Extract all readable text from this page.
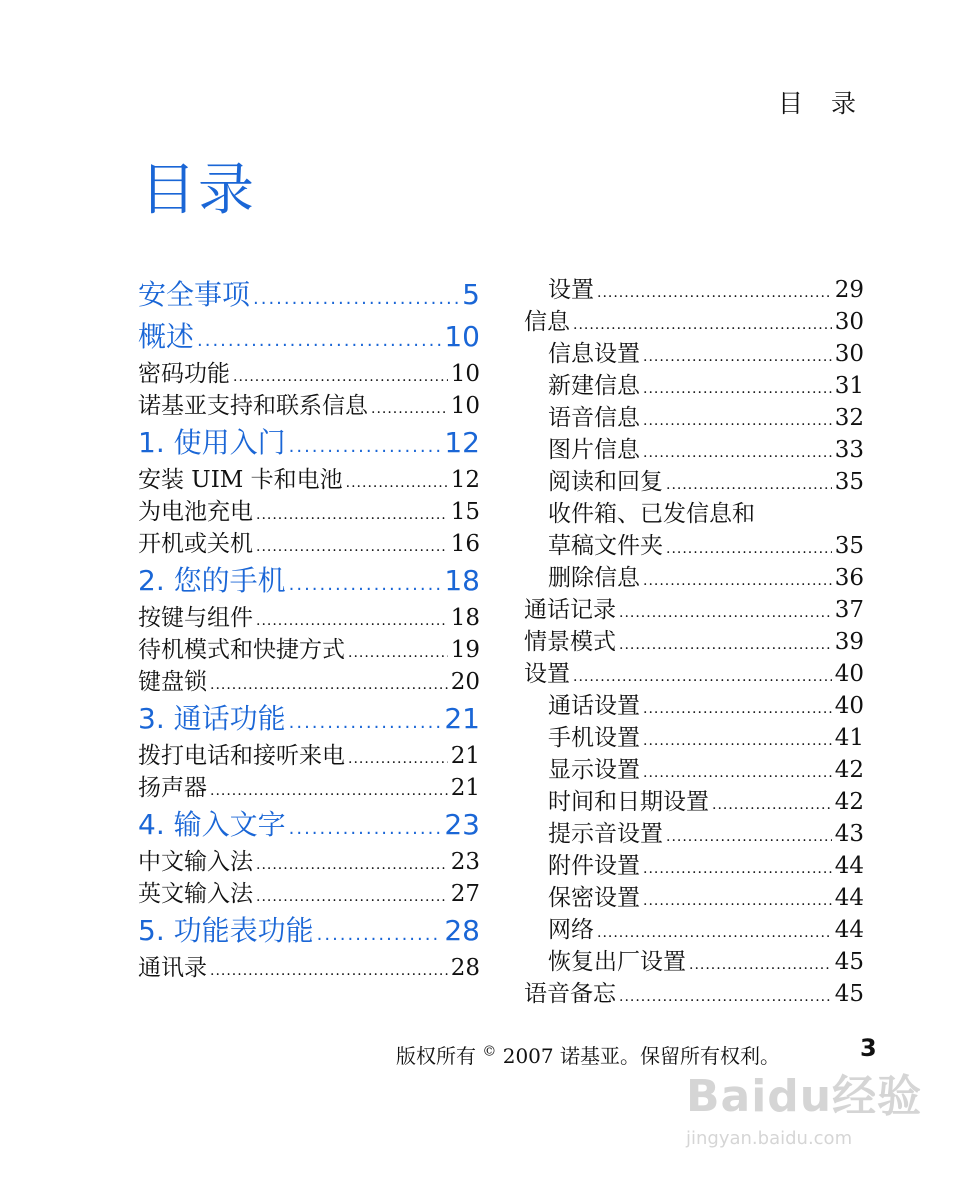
目 录
目录
安全事项 .....	5
概述 .....	10
密码功能 .....	10
诺基亚支持和联系信息 .....	10
1. 使用入门 .....	12
安装 UIM 卡和电池 .....	12
为电池充电 .....	15
开机或关机 .....	16
2. 您的手机 .....	18
按键与组件 .....	18
待机模式和快捷方式 .....	19
键盘锁 .....	20
3. 通话功能 .....	21
拨打电话和接听来电 .....	21
扬声器 .....	21
4. 输入文字 .....	23
中文输入法 .....	23
英文输入法 .....	27
5. 功能表功能 .....	28
通讯录 .....	28
设置 .....	29
信息 .....	30
信息设置 .....	30
新建信息 .....	31
语音信息 .....	32
图片信息 .....	33
阅读和回复 .....	35
收件箱、已发信息和
草稿文件夹 .....	35
删除信息 .....	36
通话记录 .....	37
情景模式 .....	39
设置 .....	40
通话设置 .....	40
手机设置 .....	41
显示设置 .....	42
时间和日期设置 .....	42
提示音设置 .....	43
附件设置 .....	44
保密设置 .....	44
网络 .....	44
恢复出厂设置 .....	45
语音备忘 .....	45
版权所有 © 2007 诺基亚。保留所有权利。	3
Baidu经验
jingyan.baidu.com
